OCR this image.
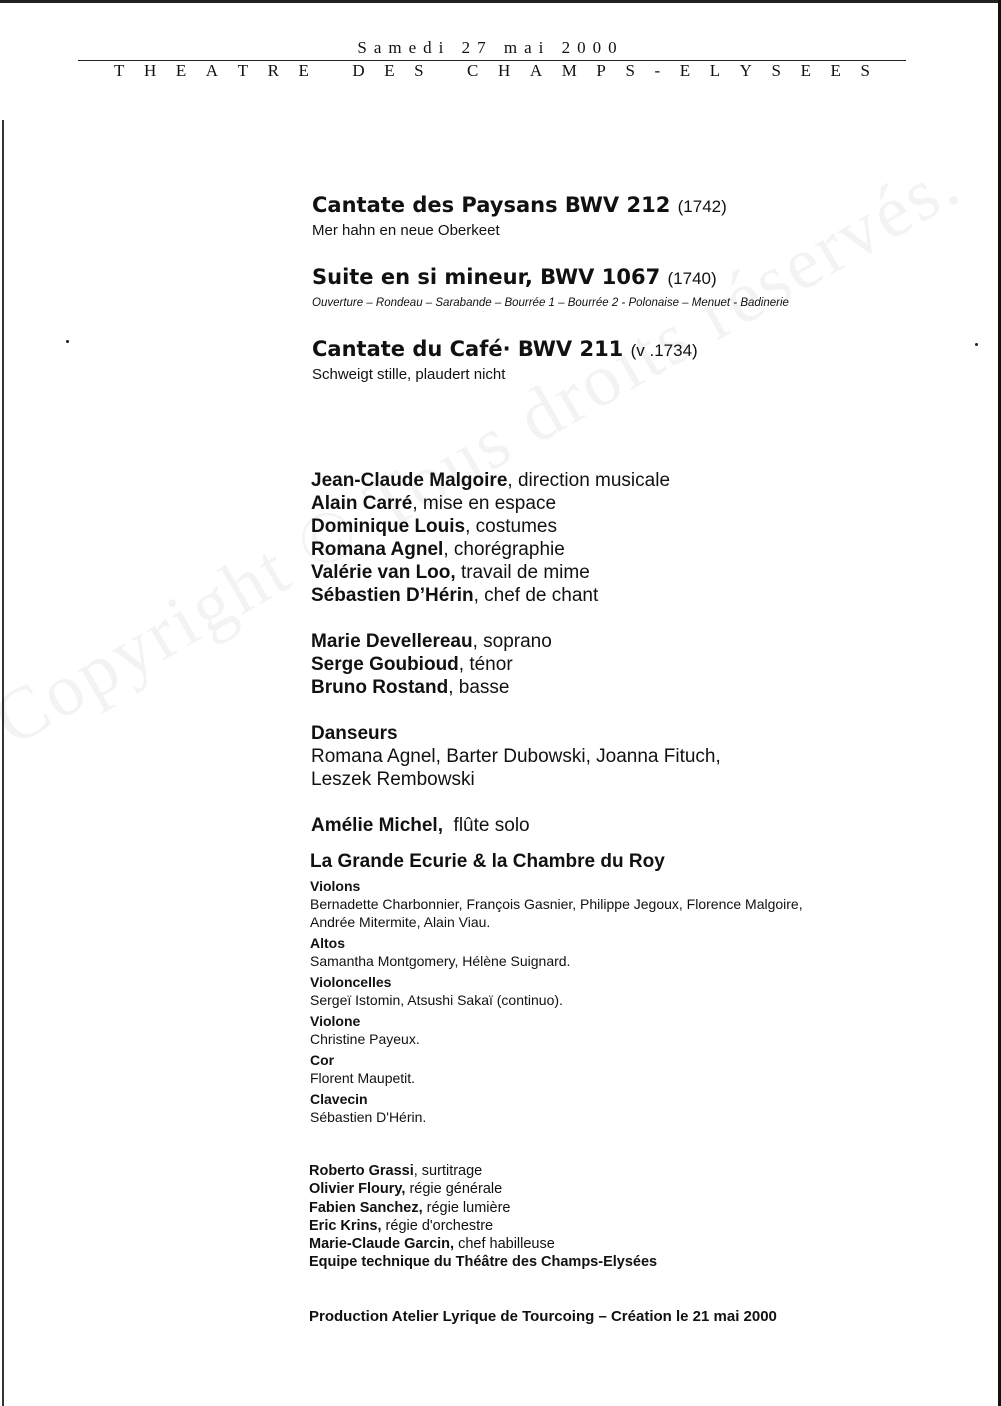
Samedi 27 mai 2000
T H E A T R E
	D E S
	C H A M P S - E L Y S E E S
Cantate des Paysans BWV 212 (1742)
Mer hahn en neue Oberkeet
Suite en si mineur, BWV 1067 (1740)
Ouverture – Rondeau – Sarabande – Bourrée 1 – Bourrée 2 - Polonaise – Menuet - Badinerie
Cantate du Café· BWV 211 (v .1734)
Schweigt stille, plaudert nicht
Jean-Claude Malgoire, direction musicale
Alain Carré, mise en espace
Dominique Louis, costumes
Romana Agnel, chorégraphie
Valérie van Loo, travail de mime
Sébastien D’Hérin, chef de chant
Marie Devellereau, soprano
Serge Goubioud, ténor
Bruno Rostand, basse
Danseurs
Romana Agnel, Barter Dubowski, Joanna Fituch,
Leszek Rembowski
Amélie Michel,  flûte solo
La Grande Ecurie & la Chambre du Roy
Violons
Bernadette Charbonnier, François Gasnier, Philippe Jegoux, Florence Malgoire,
Andrée Mitermite, Alain Viau.
Altos
Samantha Montgomery, Hélène Suignard.
Violoncelles
Sergeï Istomin, Atsushi Sakaï (continuo).
Violone
Christine Payeux.
Cor
Florent Maupetit.
Clavecin
Sébastien D'Hérin.
Roberto Grassi, surtitrage
Olivier Floury, régie générale
Fabien Sanchez, régie lumière
Eric Krins, régie d'orchestre
Marie-Claude Garcin, chef habilleuse
Equipe technique du Théâtre des Champs-Elysées
Production Atelier Lyrique de Tourcoing – Création le 21 mai 2000
